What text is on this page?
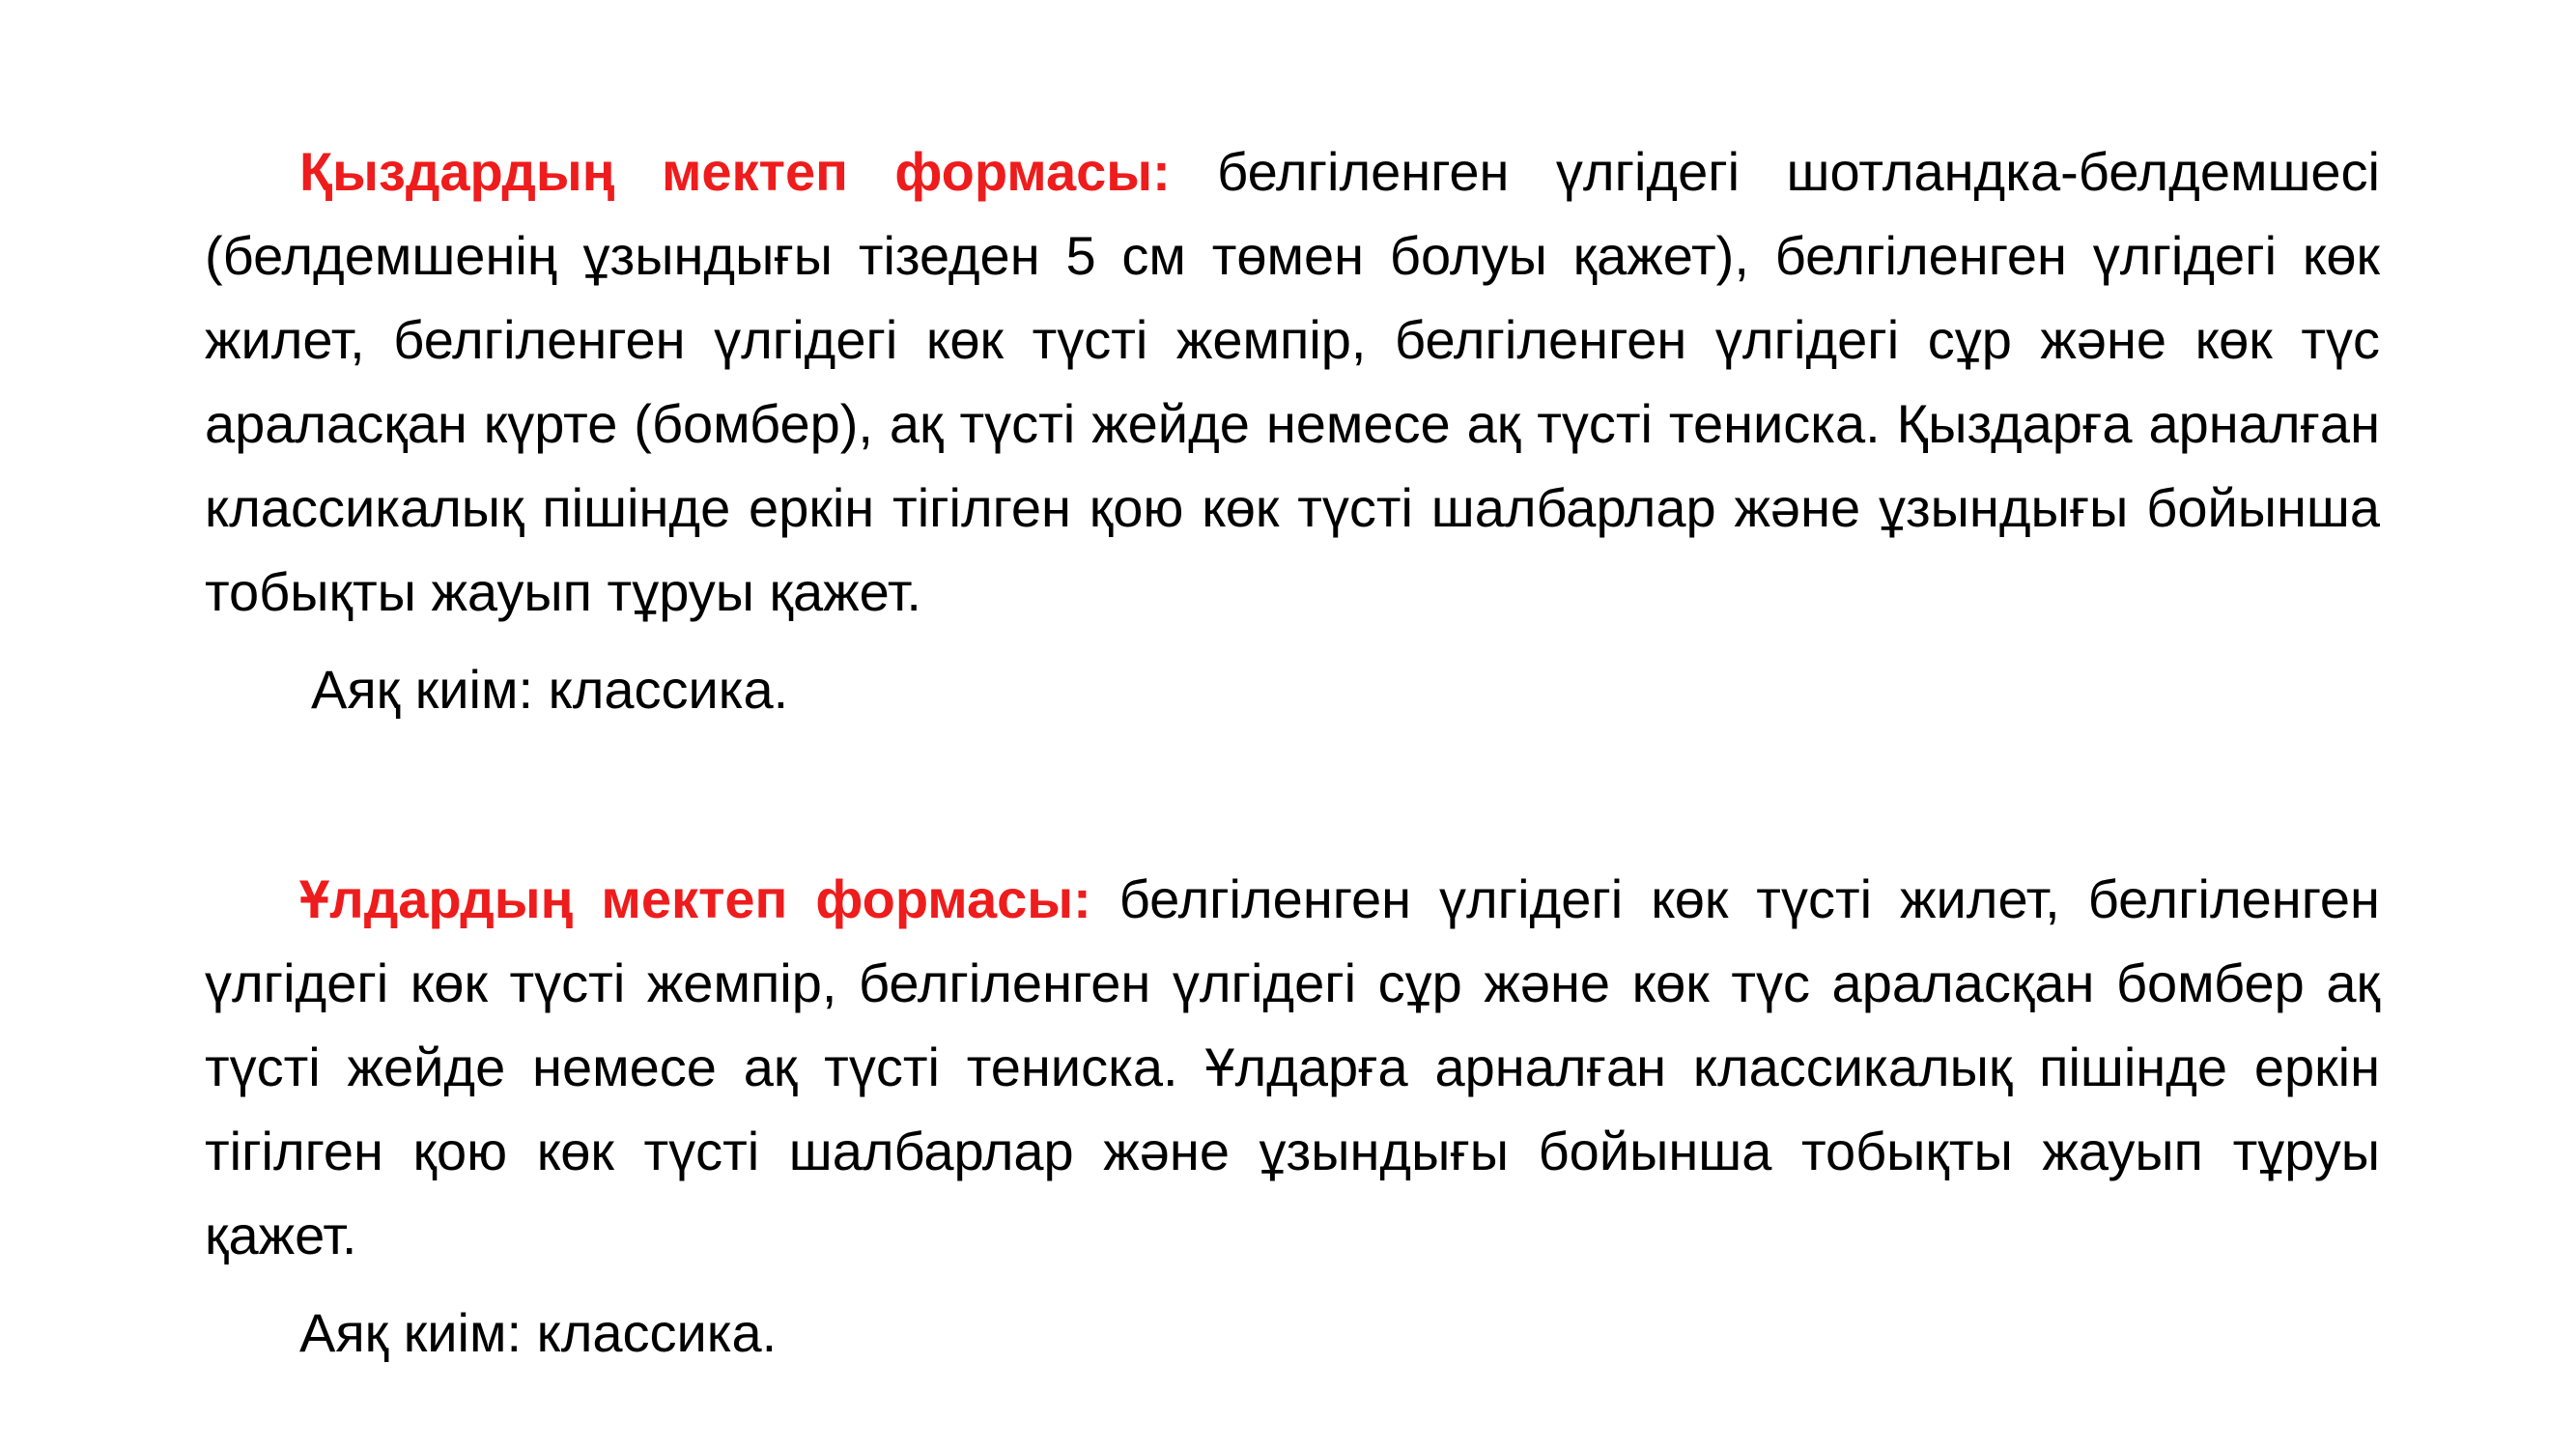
Қыздардың мектеп формасы: белгіленген үлгідегі шотландка-белдемшесі (белдемшенің ұзындығы тізеден 5 см төмен болуы қажет), белгіленген үлгідегі көк жилет, белгіленген үлгідегі көк түсті жемпір, белгіленген үлгідегі сұр және көк түс араласқан күрте (бомбер), ақ түсті жейде немесе ақ түсті тениска. Қыздарға арналған классикалық пішінде еркін тігілген қою көк түсті шалбарлар және ұзындығы бойынша тобықты жауып тұруы қажет.

Аяқ киім: классика.

Ұлдардың мектеп формасы: белгіленген үлгідегі көк түсті жилет, белгіленген үлгідегі көк түсті жемпір, белгіленген үлгідегі сұр және көк түс араласқан бомбер ақ түсті жейде немесе ақ түсті тениска. Ұлдарға арналған классикалық пішінде еркін тігілген қою көк түсті шалбарлар және ұзындығы бойынша тобықты жауып тұруы қажет.

Аяқ киім: классика.
